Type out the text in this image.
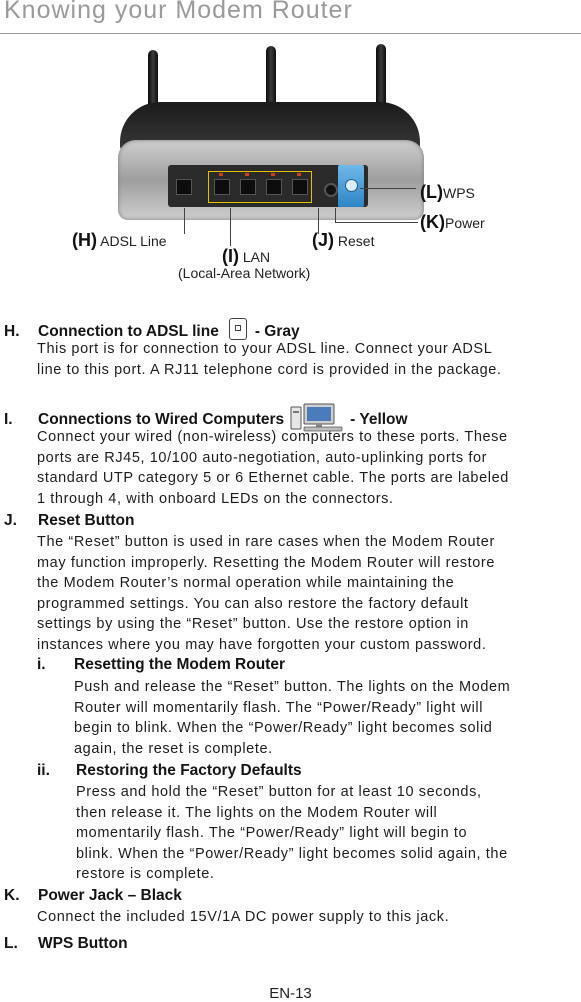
Knowing your Modem Router
(L)WPS
(K)Power
(H) ADSL Line
(I) LAN
(Local-Area Network)
(J) Reset
H. Connection to ADSL line - Gray
This port is for connection to your ADSL line. Connect your ADSL
line to this port. A RJ11 telephone cord is provided in the package.
I. Connections to Wired Computers	- Yellow
Connect your wired (non-wireless) computers to these ports. These
ports are RJ45, 10/100 auto-negotiation, auto-uplinking ports for
standard UTP category 5 or 6 Ethernet cable. The ports are labeled
1 through 4, with onboard LEDs on the connectors.
J. Reset Button
The “Reset” button is used in rare cases when the Modem Router
may function improperly. Resetting the Modem Router will restore
the Modem Router’s normal operation while maintaining the
programmed settings. You can also restore the factory default
settings by using the “Reset” button. Use the restore option in
instances where you may have forgotten your custom password.
i. Resetting the Modem Router
Push and release the “Reset” button. The lights on the Modem
Router will momentarily flash. The “Power/Ready” light will
begin to blink. When the “Power/Ready” light becomes solid
again, the reset is complete.
ii. Restoring the Factory Defaults
Press and hold the “Reset” button for at least 10 seconds,
then release it. The lights on the Modem Router will
momentarily flash. The “Power/Ready” light will begin to
blink. When the “Power/Ready” light becomes solid again, the
restore is complete.
K. Power Jack – Black
Connect the included 15V/1A DC power supply to this jack.
L. WPS Button
EN-13
